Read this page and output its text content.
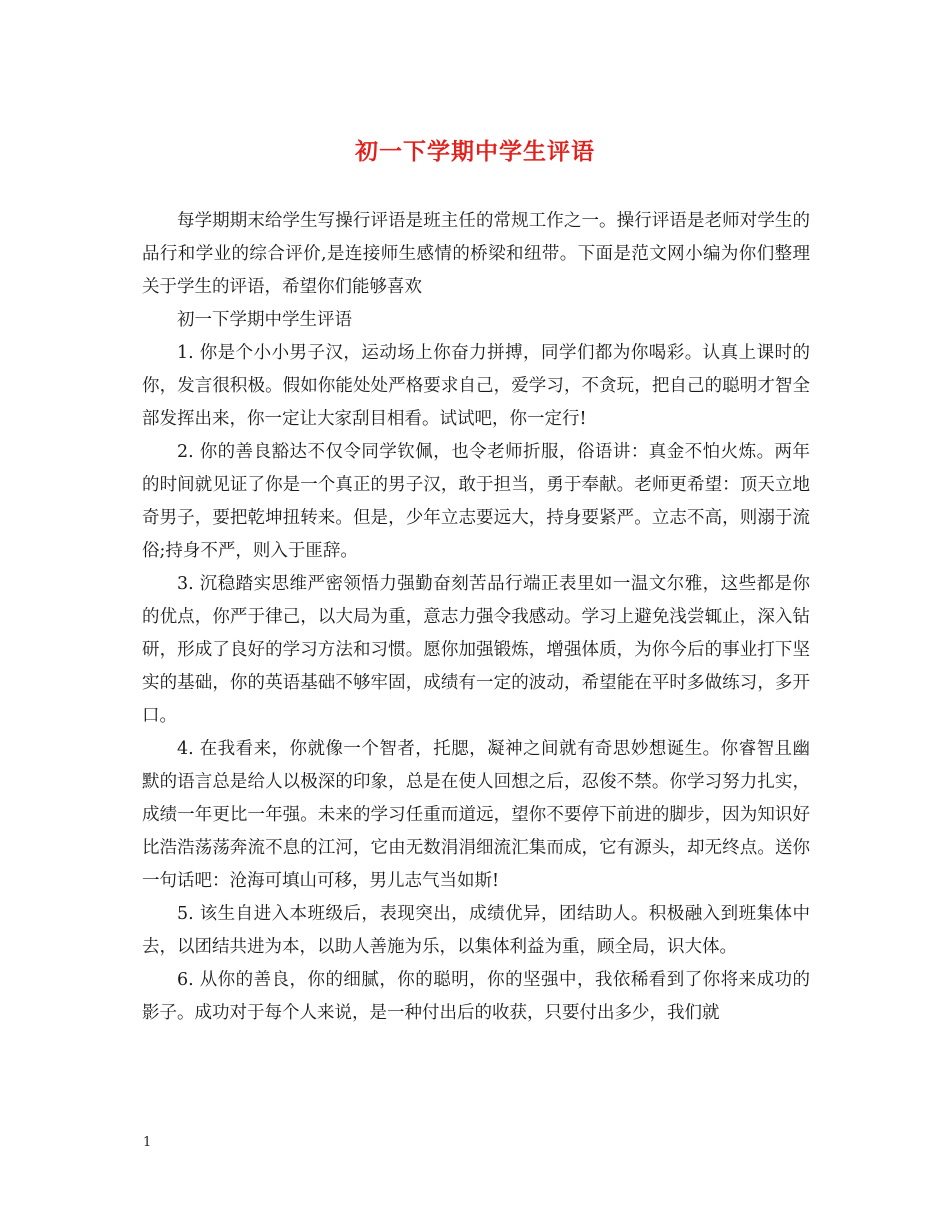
初一下学期中学生评语

每学期期末给学生写操行评语是班主任的常规工作之一。操行评语是老师对学生的品行和学业的综合评价,是连接师生感情的桥梁和纽带。下面是范文网小编为你们整理关于学生的评语，希望你们能够喜欢

初一下学期中学生评语

1. 你是个小小男子汉，运动场上你奋力拼搏，同学们都为你喝彩。认真上课时的你，发言很积极。假如你能处处严格要求自己，爱学习，不贪玩，把自己的聪明才智全部发挥出来，你一定让大家刮目相看。试试吧，你一定行!

2. 你的善良豁达不仅令同学钦佩，也令老师折服，俗语讲：真金不怕火炼。两年的时间就见证了你是一个真正的男子汉，敢于担当，勇于奉献。老师更希望：顶天立地奇男子，要把乾坤扭转来。但是，少年立志要远大，持身要紧严。立志不高，则溺于流俗;持身不严，则入于匪辞。

3. 沉稳踏实思维严密领悟力强勤奋刻苦品行端正表里如一温文尔雅，这些都是你的优点，你严于律己，以大局为重，意志力强令我感动。学习上避免浅尝辄止，深入钻研，形成了良好的学习方法和习惯。愿你加强锻炼，增强体质，为你今后的事业打下坚实的基础，你的英语基础不够牢固，成绩有一定的波动，希望能在平时多做练习，多开口。

4. 在我看来，你就像一个智者，托腮，凝神之间就有奇思妙想诞生。你睿智且幽默的语言总是给人以极深的印象，总是在使人回想之后，忍俊不禁。你学习努力扎实，成绩一年更比一年强。未来的学习任重而道远，望你不要停下前进的脚步，因为知识好比浩浩荡荡奔流不息的江河，它由无数涓涓细流汇集而成，它有源头，却无终点。送你一句话吧：沧海可填山可移，男儿志气当如斯!

5. 该生自进入本班级后，表现突出，成绩优异，团结助人。积极融入到班集体中去，以团结共进为本，以助人善施为乐，以集体利益为重，顾全局，识大体。

6. 从你的善良，你的细腻，你的聪明，你的坚强中，我依稀看到了你将来成功的影子。成功对于每个人来说，是一种付出后的收获，只要付出多少，我们就

1
